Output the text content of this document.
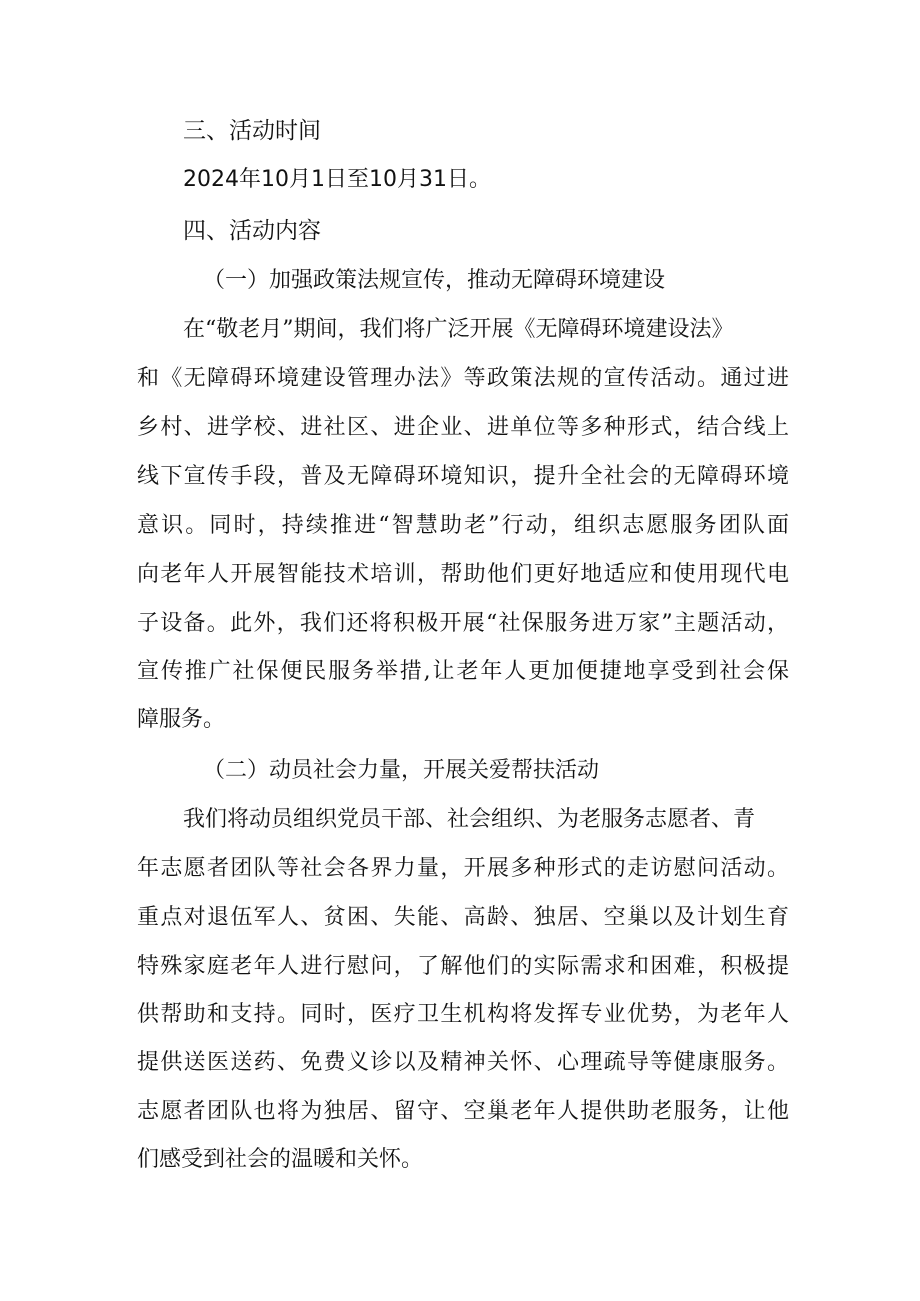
三、活动时间
2024年10月1日至10月31日。
四、活动内容
（一）加强政策法规宣传，推动无障碍环境建设
在“敬老月”期间，我们将广泛开展《无障碍环境建设法》
和《无障碍环境建设管理办法》等政策法规的宣传活动。通过进
乡村、进学校、进社区、进企业、进单位等多种形式，结合线上
线下宣传手段，普及无障碍环境知识，提升全社会的无障碍环境
意识。同时，持续推进“智慧助老”行动，组织志愿服务团队面
向老年人开展智能技术培训，帮助他们更好地适应和使用现代电
子设备。此外，我们还将积极开展“社保服务进万家”主题活动，
宣传推广社保便民服务举措,让老年人更加便捷地享受到社会保
障服务。
（二）动员社会力量，开展关爱帮扶活动
我们将动员组织党员干部、社会组织、为老服务志愿者、青
年志愿者团队等社会各界力量，开展多种形式的走访慰问活动。
重点对退伍军人、贫困、失能、高龄、独居、空巢以及计划生育
特殊家庭老年人进行慰问，了解他们的实际需求和困难，积极提
供帮助和支持。同时，医疗卫生机构将发挥专业优势，为老年人
提供送医送药、免费义诊以及精神关怀、心理疏导等健康服务。
志愿者团队也将为独居、留守、空巢老年人提供助老服务，让他
们感受到社会的温暖和关怀。
